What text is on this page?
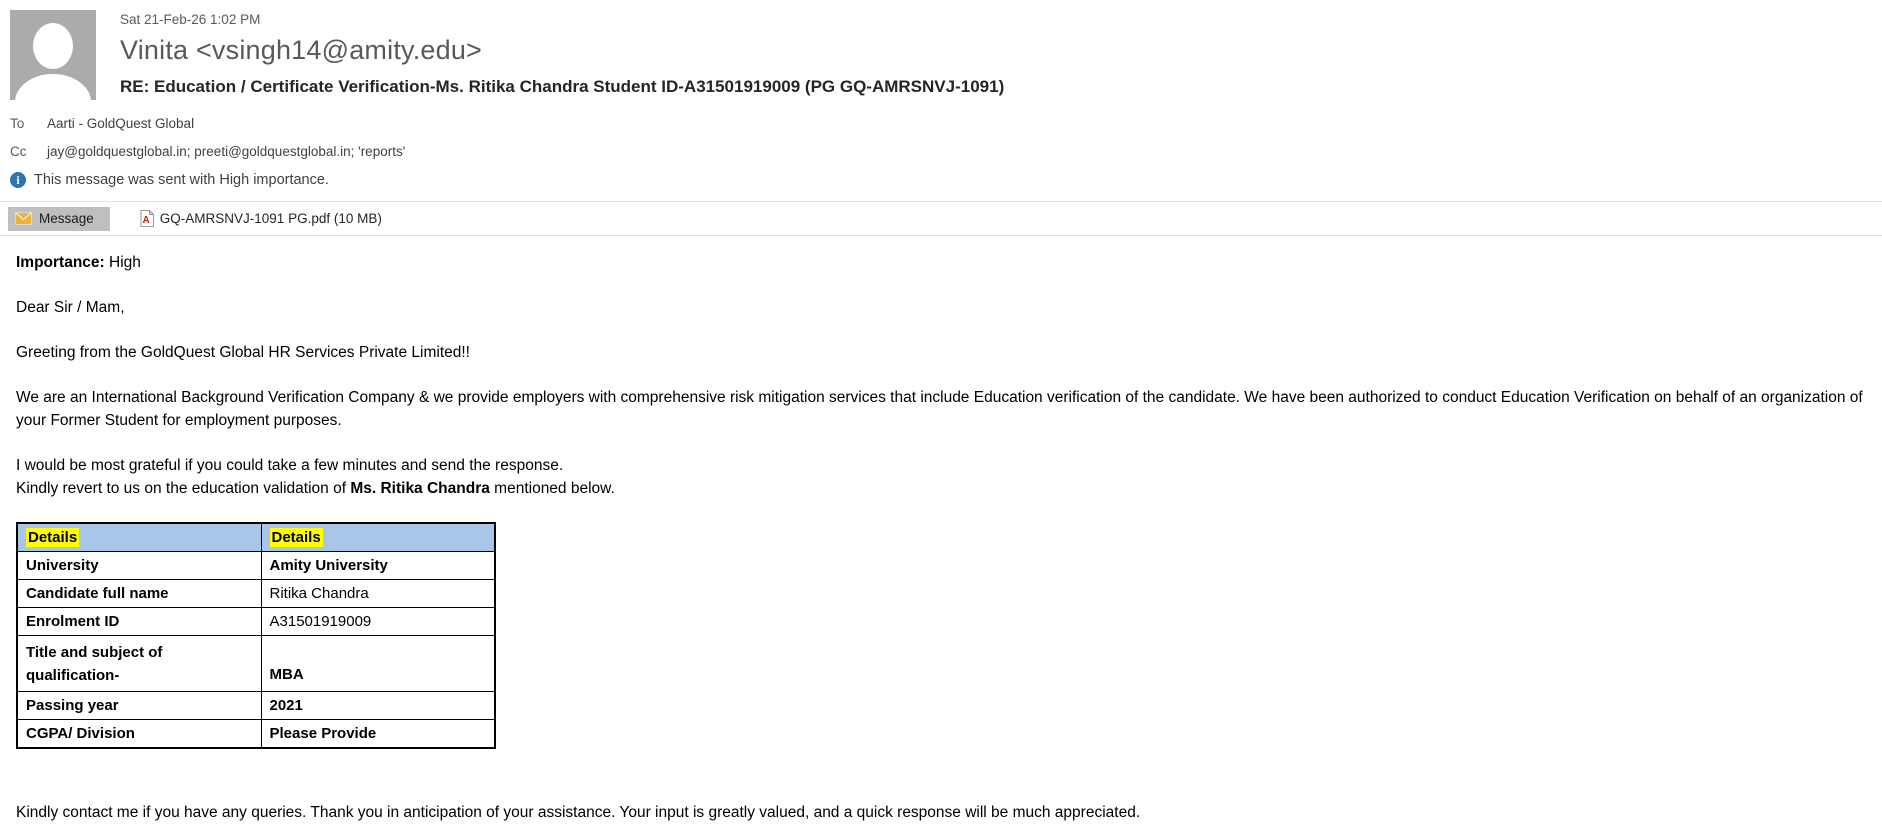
Sat 21-Feb-26 1:02 PM
Vinita <vsingh14@amity.edu>
RE: Education / Certificate Verification-Ms. Ritika Chandra Student ID-A31501919009 (PG GQ-AMRSNVJ-1091)
To	Aarti - GoldQuest Global
Cc	jay@goldquestglobal.in; preeti@goldquestglobal.in; 'reports'
i This message was sent with High importance.
Message	A GQ-AMRSNVJ-1091 PG.pdf (10 MB)
Importance: High
Dear Sir / Mam,
Greeting from the GoldQuest Global HR Services Private Limited!!
We are an International Background Verification Company & we provide employers with comprehensive risk mitigation services that include Education verification of the candidate. We have been authorized to conduct Education Verification on behalf of an organization of your Former Student for employment purposes.
I would be most grateful if you could take a few minutes and send the response.
Kindly revert to us on the education validation of Ms. Ritika Chandra mentioned below.
Details	Details
University	Amity University
Candidate full name	Ritika Chandra
Enrolment ID	A31501919009
Title and subject of qualification-	MBA
Passing year	2021
CGPA/ Division	Please Provide
Kindly contact me if you have any queries. Thank you in anticipation of your assistance. Your input is greatly valued, and a quick response will be much appreciated.
